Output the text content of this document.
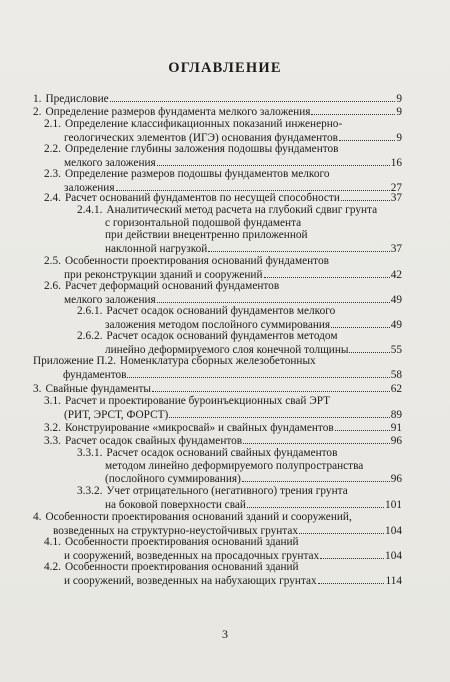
ОГЛАВЛЕНИЕ
1. Предисловие	9
2. Определение размеров фундамента мелкого заложения	9
2.1. Определение классификационных показаний инженерно-
геологических элементов (ИГЭ) основания фундаментов	9
2.2. Определение глубины заложения подошвы фундаментов
мелкого заложения	16
2.3. Определение размеров подошвы фундаментов мелкого
заложения	27
2.4. Расчет оснований фундаментов по несущей способности	37
2.4.1. Аналитический метод расчета на глубокий сдвиг грунта
с горизонтальной подошвой фундамента
при действии внецентренно приложенной
наклонной нагрузкой	37
2.5. Особенности проектирования оснований фундаментов
при реконструкции зданий и сооружений	42
2.6. Расчет деформаций оснований фундаментов
мелкого заложения	49
2.6.1. Расчет осадок оснований фундаментов мелкого
заложения методом послойного суммирования	49
2.6.2. Расчет осадок оснований фундаментов методом
линейно деформируемого слоя конечной толщины	55
Приложение П.2. Номенклатура сборных железобетонных
фундаментов	58
3. Свайные фундаменты	62
3.1. Расчет и проектирование буроинъекционных свай ЭРТ
(РИТ, ЭРСТ, ФОРСТ)	89
3.2. Конструирование «микросвай» и свайных фундаментов	91
3.3. Расчет осадок свайных фундаментов	96
3.3.1. Расчет осадок оснований свайных фундаментов
методом линейно деформируемого полупространства
(послойного суммирования)	96
3.3.2. Учет отрицательного (негативного) трения грунта
на боковой поверхности свай	101
4. Особенности проектирования оснований зданий и сооружений,
возведенных на структурно-неустойчивых грунтах	104
4.1. Особенности проектирования оснований зданий
и сооружений, возведенных на просадочных грунтах	104
4.2. Особенности проектирования оснований зданий
и сооружений, возведенных на набухающих грунтах	114
3
